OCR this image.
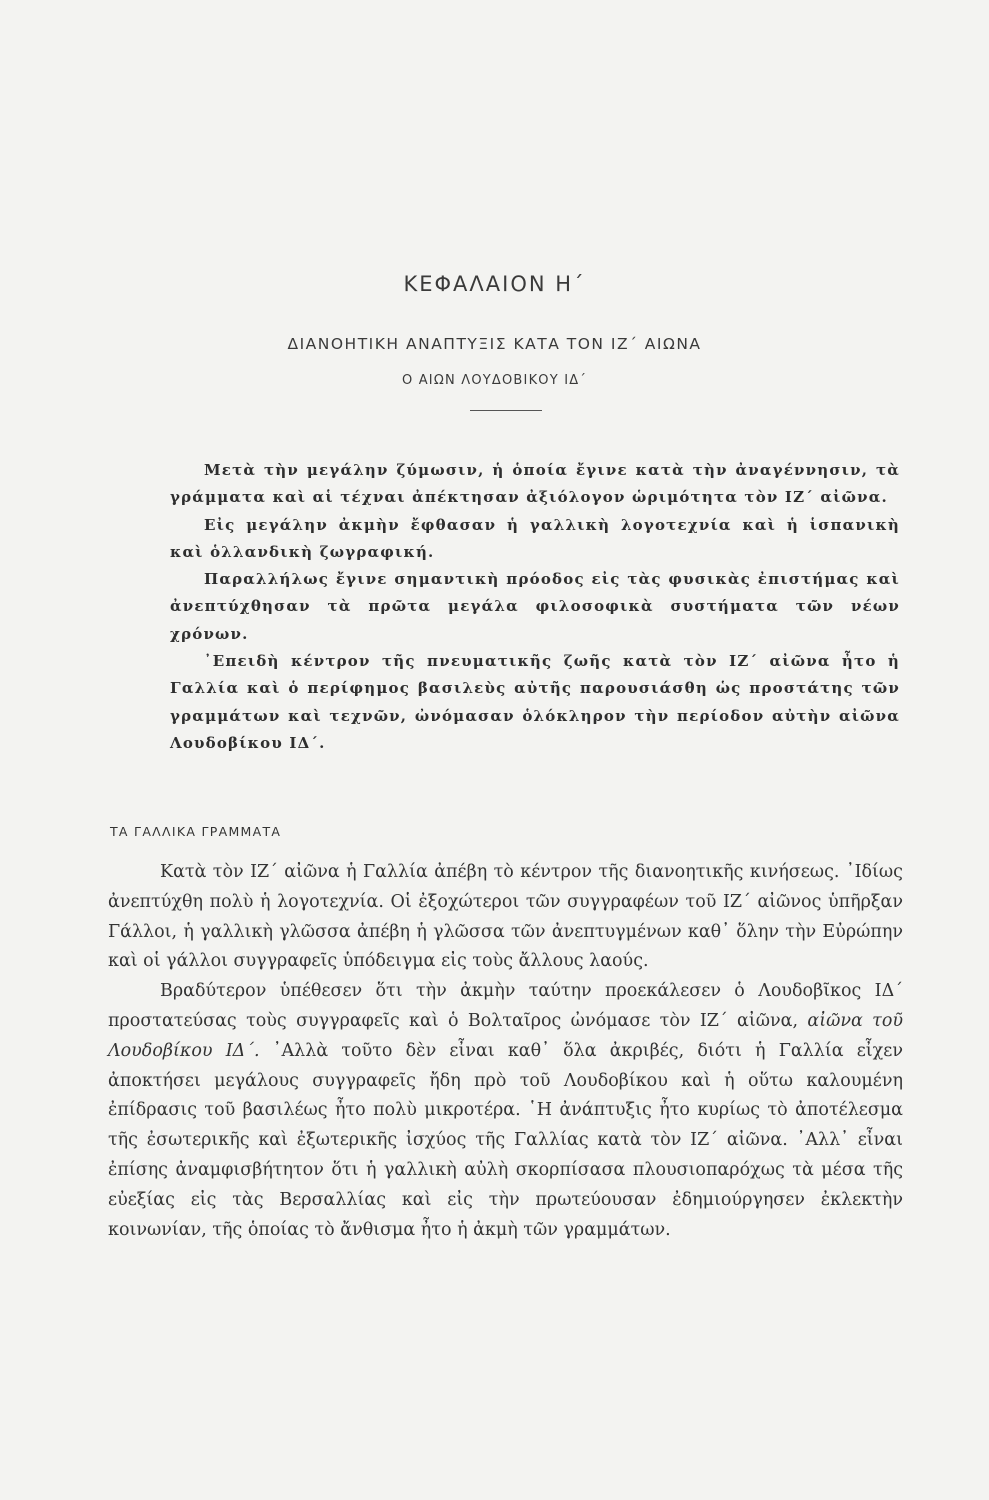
ΚΕΦΑΛΑΙΟΝ Η΄
ΔΙΑΝΟΗΤΙΚΗ ΑΝΑΠΤΥΞΙΣ ΚΑΤΑ ΤΟΝ ΙΖ΄ ΑΙΩΝΑ
Ο ΑΙΩΝ ΛΟΥΔΟΒΙΚΟΥ ΙΔ΄

Μετὰ τὴν μεγάλην ζύμωσιν, ἡ ὁποία ἔγινε κατὰ τὴν ἀναγέννησιν, τὰ γράμματα καὶ αἱ τέχναι ἀπέκτησαν ἀξιόλογον ὡριμότητα τὸν ΙΖ΄ αἰῶνα.

Εἰς μεγάλην ἀκμὴν ἔφθασαν ἡ γαλλικὴ λογοτεχνία καὶ ἡ ἱσπανικὴ καὶ ὁλλανδικὴ ζωγραφική.

Παραλλήλως ἔγινε σημαντικὴ πρόοδος εἰς τὰς φυσικὰς ἐπιστήμας καὶ ἀνεπτύχθησαν τὰ πρῶτα μεγάλα φιλοσοφικὰ συστήματα τῶν νέων χρόνων.

᾿Επειδὴ κέντρον τῆς πνευματικῆς ζωῆς κατὰ τὸν ΙΖ΄ αἰῶνα ἦτο ἡ Γαλλία καὶ ὁ περίφημος βασιλεὺς αὐτῆς παρουσιάσθη ὡς προστάτης τῶν γραμμάτων καὶ τεχνῶν, ὠνόμασαν ὁλόκληρον τὴν περίοδον αὐτὴν αἰῶνα Λουδοβίκου ΙΔ΄.

ΤΑ ΓΑΛΛΙΚΑ ΓΡΑΜΜΑΤΑ

Κατὰ τὸν ΙΖ΄ αἰῶνα ἡ Γαλλία ἀπέβη τὸ κέντρον τῆς διανοητικῆς κινήσεως. ᾿Ιδίως ἀνεπτύχθη πολὺ ἡ λογοτεχνία. Οἱ ἐξοχώτεροι τῶν συγγραφέων τοῦ ΙΖ΄ αἰῶνος ὑπῆρξαν Γάλλοι, ἡ γαλλικὴ γλῶσσα ἀπέβη ἡ γλῶσσα τῶν ἀνεπτυγμένων καθ᾿ ὅλην τὴν Εὐρώπην καὶ οἱ γάλλοι συγγραφεῖς ὑπόδειγμα εἰς τοὺς ἄλλους λαούς.

Βραδύτερον ὑπέθεσεν ὅτι τὴν ἀκμὴν ταύτην προεκάλεσεν ὁ Λουδοβῖκος ΙΔ΄ προστατεύσας τοὺς συγγραφεῖς καὶ ὁ Βολταῖρος ὠνόμασε τὸν ΙΖ΄ αἰῶνα, αἰῶνα τοῦ Λουδοβίκου ΙΔ΄. ᾿Αλλὰ τοῦτο δὲν εἶναι καθ᾿ ὅλα ἀκριβές, διότι ἡ Γαλλία εἶχεν ἀποκτήσει μεγάλους συγγραφεῖς ἤδη πρὸ τοῦ Λουδοβίκου καὶ ἡ οὕτω καλουμένη ἐπίδρασις τοῦ βασιλέως ἦτο πολὺ μικροτέρα. ῾Η ἀνάπτυξις ἦτο κυρίως τὸ ἀποτέλεσμα τῆς ἐσωτερικῆς καὶ ἐξωτερικῆς ἰσχύος τῆς Γαλλίας κατὰ τὸν ΙΖ΄ αἰῶνα. ᾿Αλλ᾿ εἶναι ἐπίσης ἀναμφισβήτητον ὅτι ἡ γαλλικὴ αὐλὴ σκορπίσασα πλουσιοπαρόχως τὰ μέσα τῆς εὐεξίας εἰς τὰς Βερσαλλίας καὶ εἰς τὴν πρωτεύουσαν ἐδημιούργησεν ἐκλεκτὴν κοινωνίαν, τῆς ὁποίας τὸ ἄνθισμα ἦτο ἡ ἀκμὴ τῶν γραμμάτων.
